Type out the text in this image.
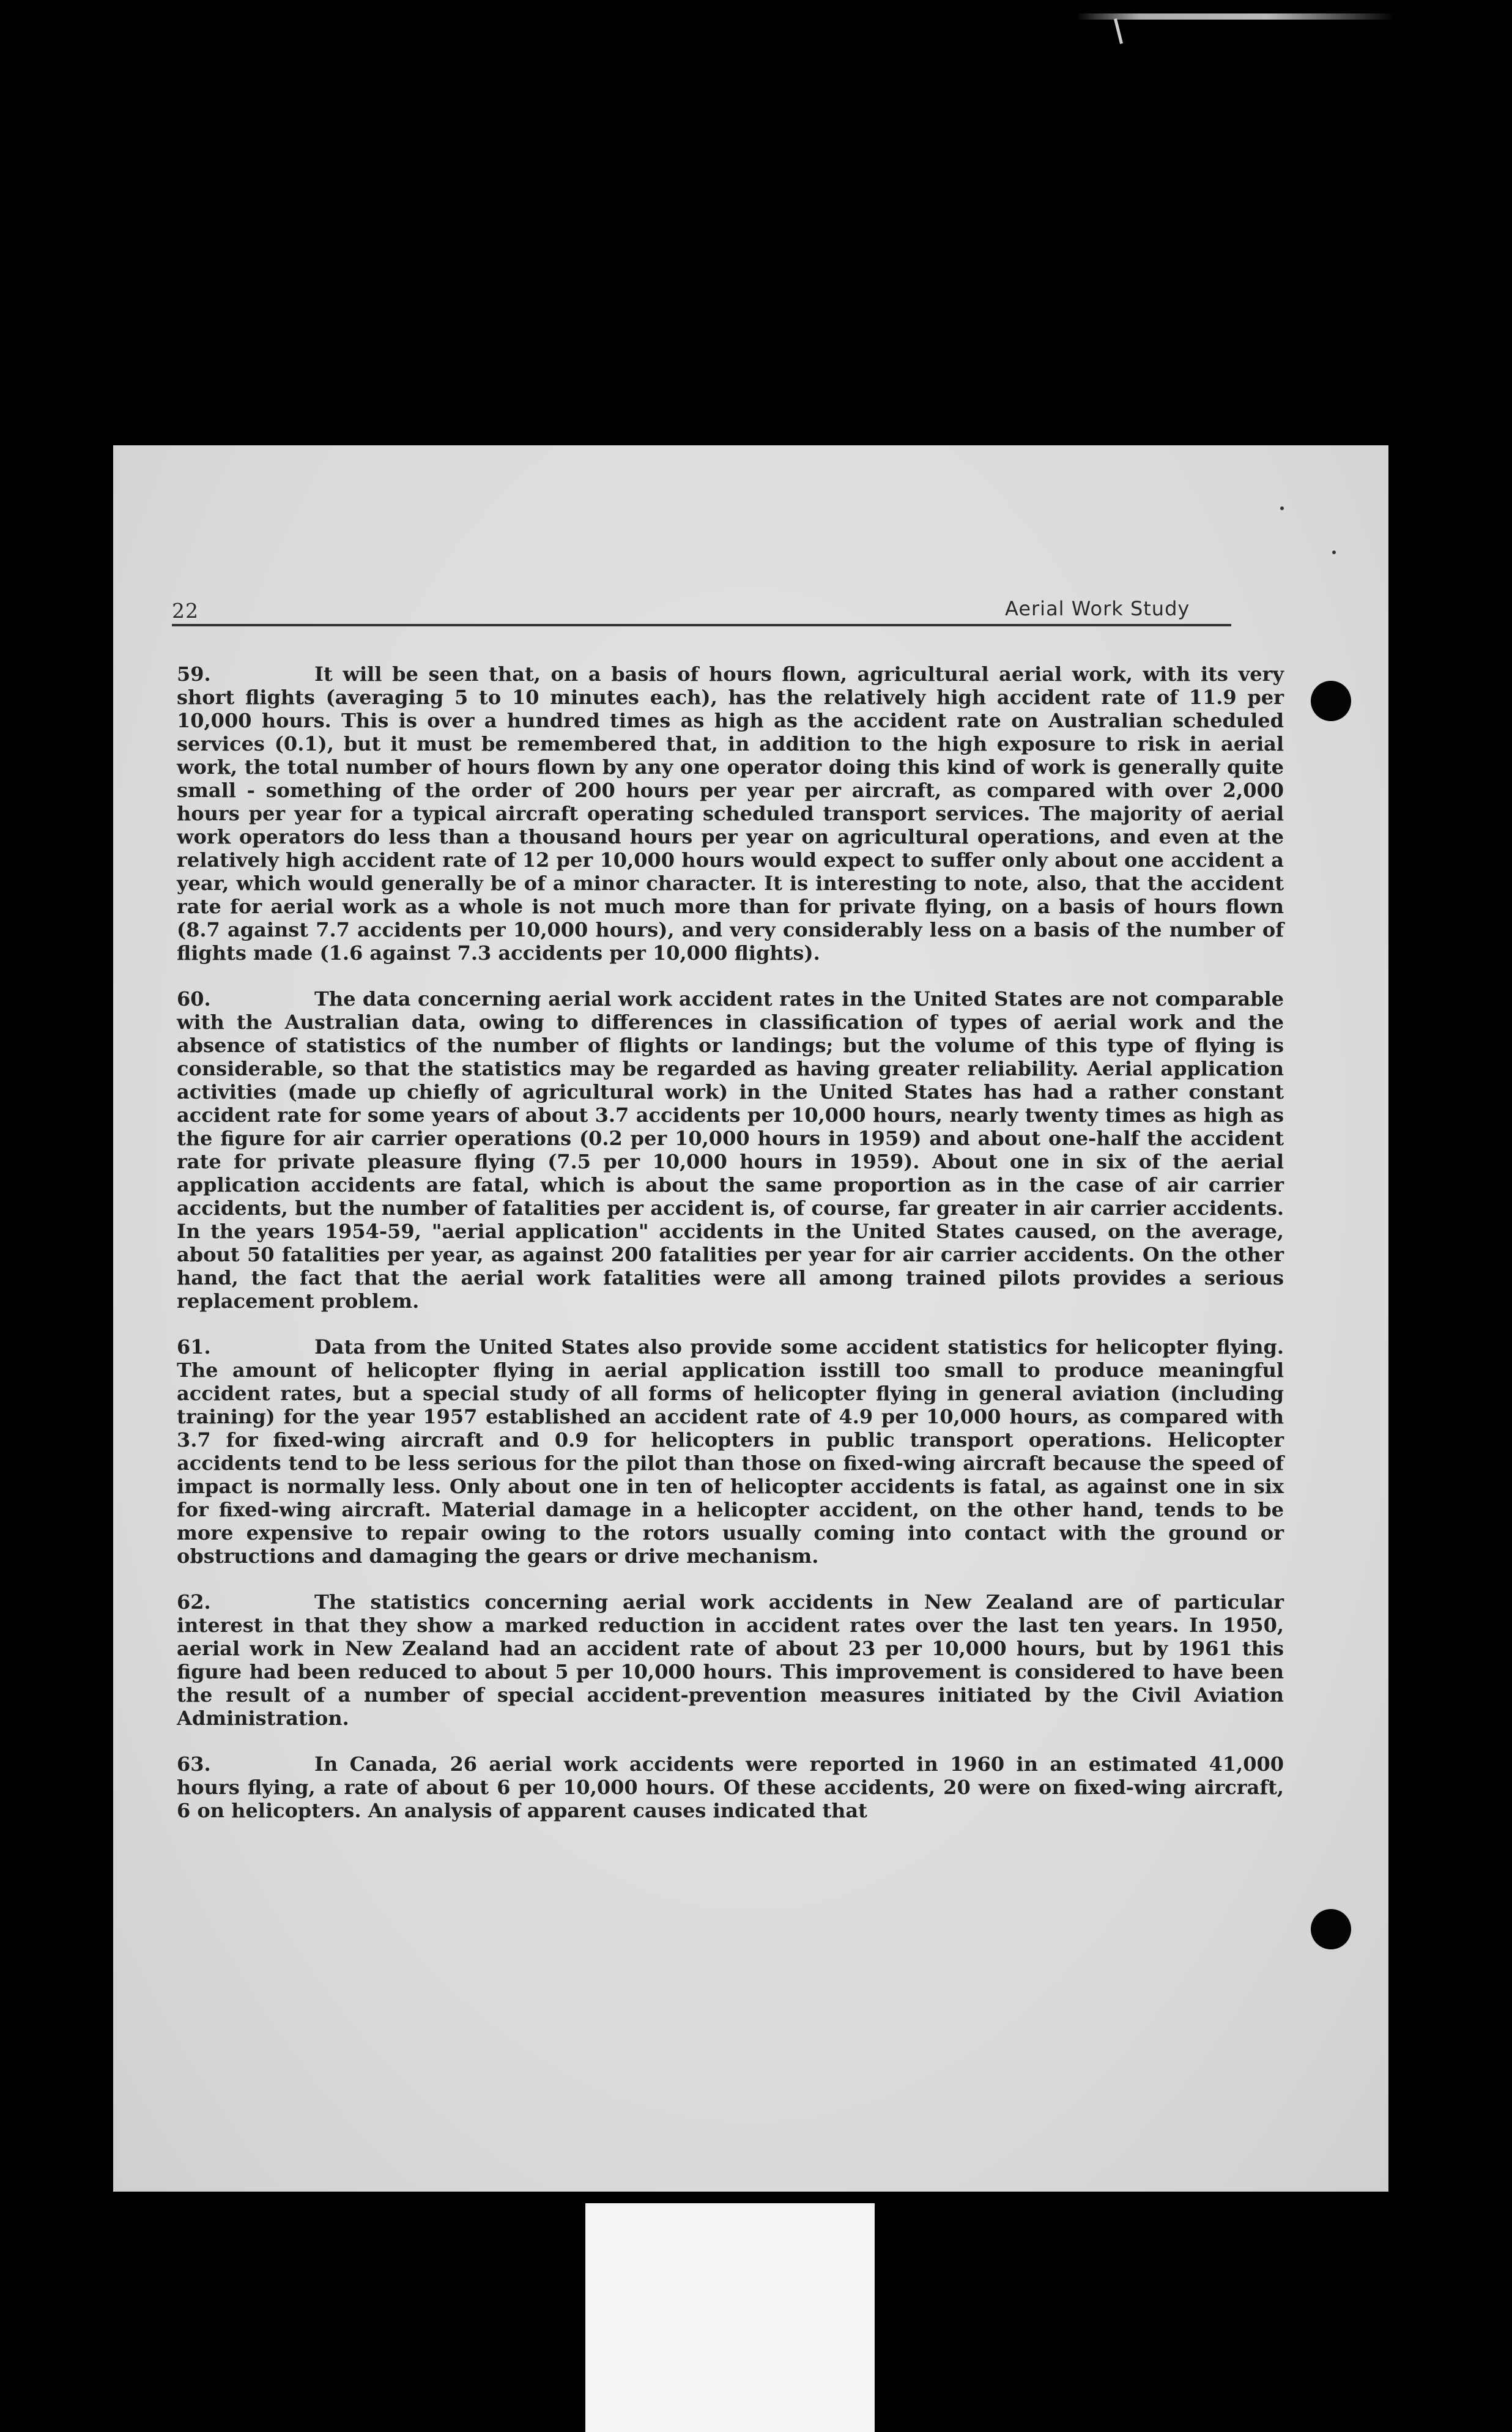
22	Aerial Work Study

59.	It will be seen that, on a basis of hours flown, agricultural aerial work, with its very short flights (averaging 5 to 10 minutes each), has the relatively high accident rate of 11.9 per 10,000 hours. This is over a hundred times as high as the accident rate on Australian scheduled services (0.1), but it must be remembered that, in addition to the high exposure to risk in aerial work, the total number of hours flown by any one operator doing this kind of work is generally quite small - something of the order of 200 hours per year per aircraft, as compared with over 2,000 hours per year for a typical aircraft operating scheduled transport services. The majority of aerial work operators do less than a thousand hours per year on agricultural operations, and even at the relatively high accident rate of 12 per 10,000 hours would expect to suffer only about one accident a year, which would generally be of a minor character. It is interesting to note, also, that the accident rate for aerial work as a whole is not much more than for private flying, on a basis of hours flown (8.7 against 7.7 accidents per 10,000 hours), and very considerably less on a basis of the number of flights made (1.6 against 7.3 accidents per 10,000 flights).

60.	The data concerning aerial work accident rates in the United States are not comparable with the Australian data, owing to differences in classification of types of aerial work and the absence of statistics of the number of flights or landings; but the volume of this type of flying is considerable, so that the statistics may be regarded as having greater reliability. Aerial application activities (made up chiefly of agricultural work) in the United States has had a rather constant accident rate for some years of about 3.7 accidents per 10,000 hours, nearly twenty times as high as the figure for air carrier operations (0.2 per 10,000 hours in 1959) and about one-half the accident rate for private pleasure flying (7.5 per 10,000 hours in 1959). About one in six of the aerial application accidents are fatal, which is about the same proportion as in the case of air carrier accidents, but the number of fatalities per accident is, of course, far greater in air carrier accidents. In the years 1954-59, "aerial application" accidents in the United States caused, on the average, about 50 fatalities per year, as against 200 fatalities per year for air carrier accidents. On the other hand, the fact that the aerial work fatalities were all among trained pilots provides a serious replacement problem.

61.	Data from the United States also provide some accident statistics for helicopter flying. The amount of helicopter flying in aerial application isstill too small to produce meaningful accident rates, but a special study of all forms of helicopter flying in general aviation (including training) for the year 1957 established an accident rate of 4.9 per 10,000 hours, as compared with 3.7 for fixed-wing aircraft and 0.9 for helicopters in public transport operations. Helicopter accidents tend to be less serious for the pilot than those on fixed-wing aircraft because the speed of impact is normally less. Only about one in ten of helicopter accidents is fatal, as against one in six for fixed-wing aircraft. Material damage in a helicopter accident, on the other hand, tends to be more expensive to repair owing to the rotors usually coming into contact with the ground or obstructions and damaging the gears or drive mechanism.

62.	The statistics concerning aerial work accidents in New Zealand are of particular interest in that they show a marked reduction in accident rates over the last ten years. In 1950, aerial work in New Zealand had an accident rate of about 23 per 10,000 hours, but by 1961 this figure had been reduced to about 5 per 10,000 hours. This improvement is considered to have been the result of a number of special accident-prevention measures initiated by the Civil Aviation Administration.

63.	In Canada, 26 aerial work accidents were reported in 1960 in an estimated 41,000 hours flying, a rate of about 6 per 10,000 hours. Of these accidents, 20 were on fixed-wing aircraft, 6 on helicopters. An analysis of apparent causes indicated that
